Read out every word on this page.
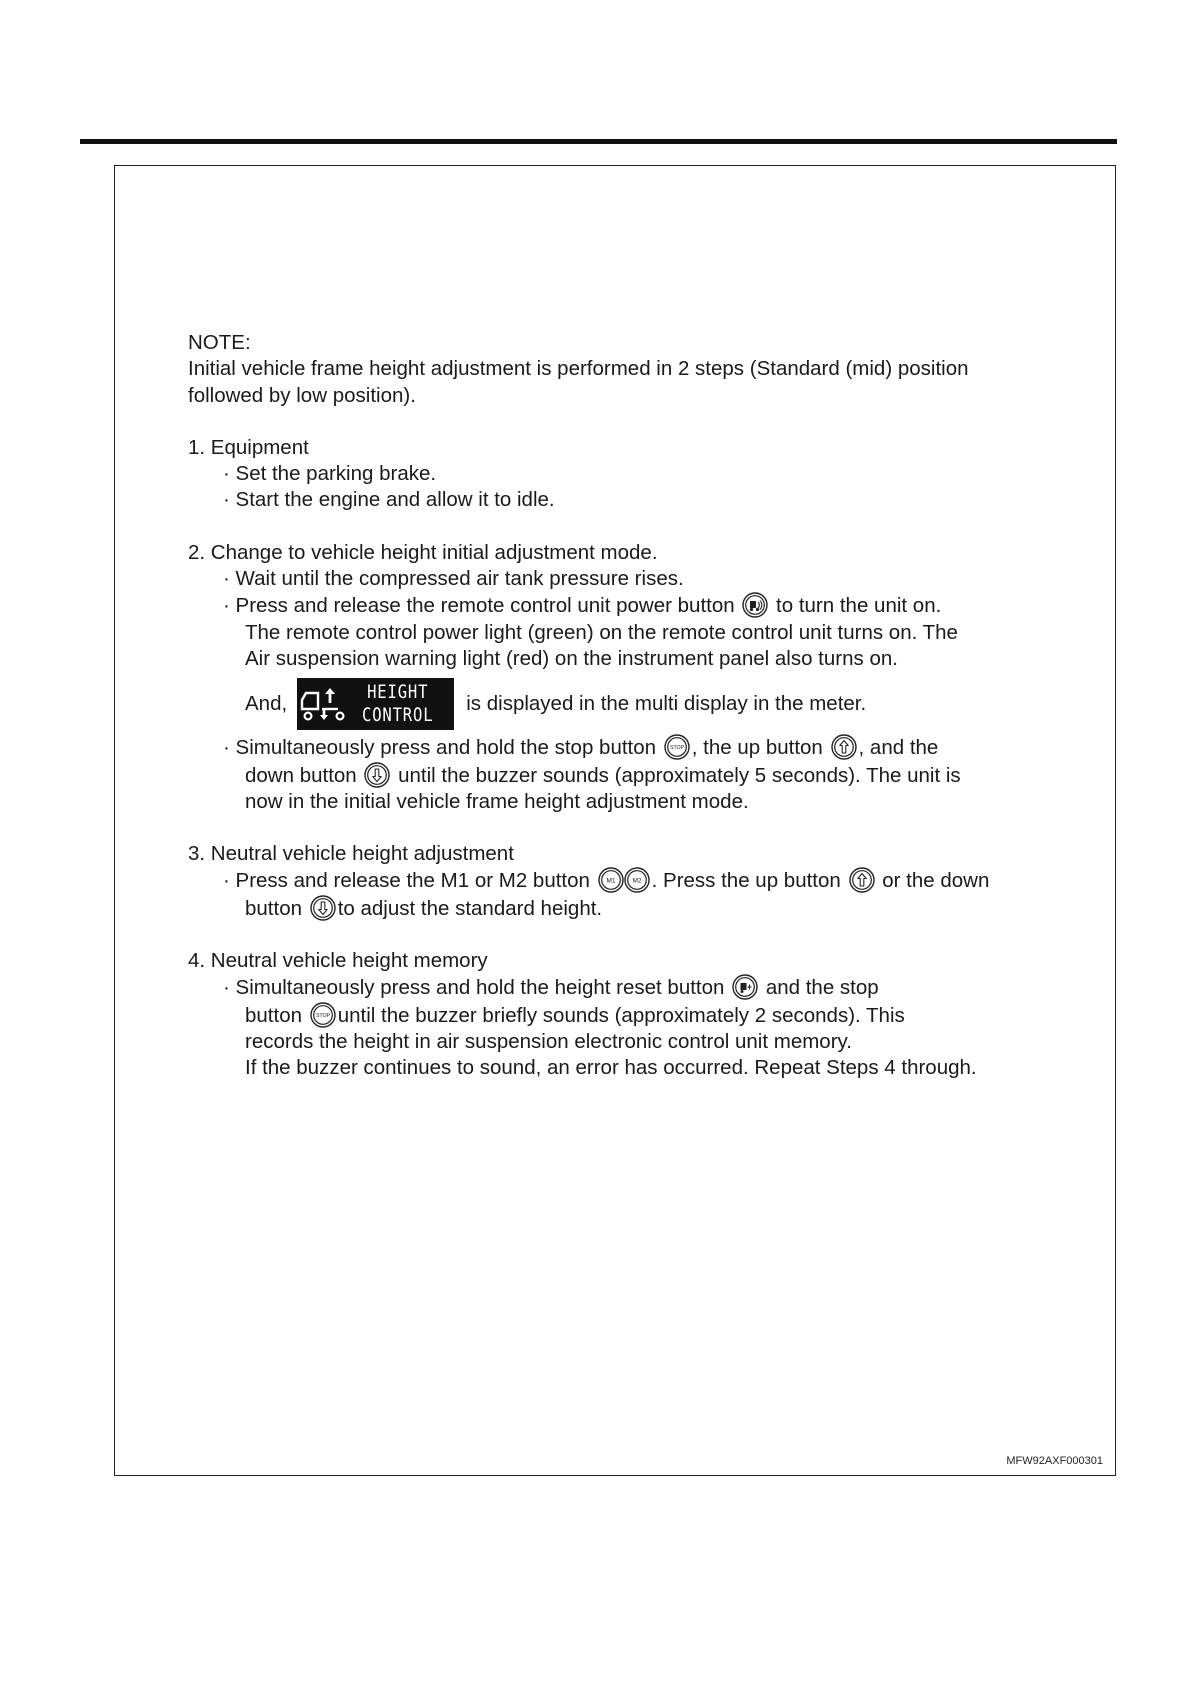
NOTE:

Initial vehicle frame height adjustment is performed in 2 steps (Standard (mid) position

followed by low position).

1. Equipment

· Set the parking brake.

· Start the engine and allow it to idle.

2. Change to vehicle height initial adjustment mode.

· Wait until the compressed air tank pressure rises.

· Press and release the remote control unit power button to turn the unit on.

The remote control power light (green) on the remote control unit turns on. The

Air suspension warning light (red) on the instrument panel also turns on.

And,	HEIGHT
CONTROL
is displayed in the multi display in the meter.

· Simultaneously press and hold the stop button	STOP , the up button , and the

down button until the buzzer sounds (approximately 5 seconds). The unit is

now in the initial vehicle frame height adjustment mode.

3. Neutral vehicle height adjustment

· Press and release the M1 or M2 button M1	M2 . Press the up button or the down

button to adjust the standard height.

4. Neutral vehicle height memory

· Simultaneously press and hold the height reset button and the stop

button	STOP until the buzzer briefly sounds (approximately 2 seconds). This

records the height in air suspension electronic control unit memory.

If the buzzer continues to sound, an error has occurred. Repeat Steps 4 through.

MFW92AXF000301
